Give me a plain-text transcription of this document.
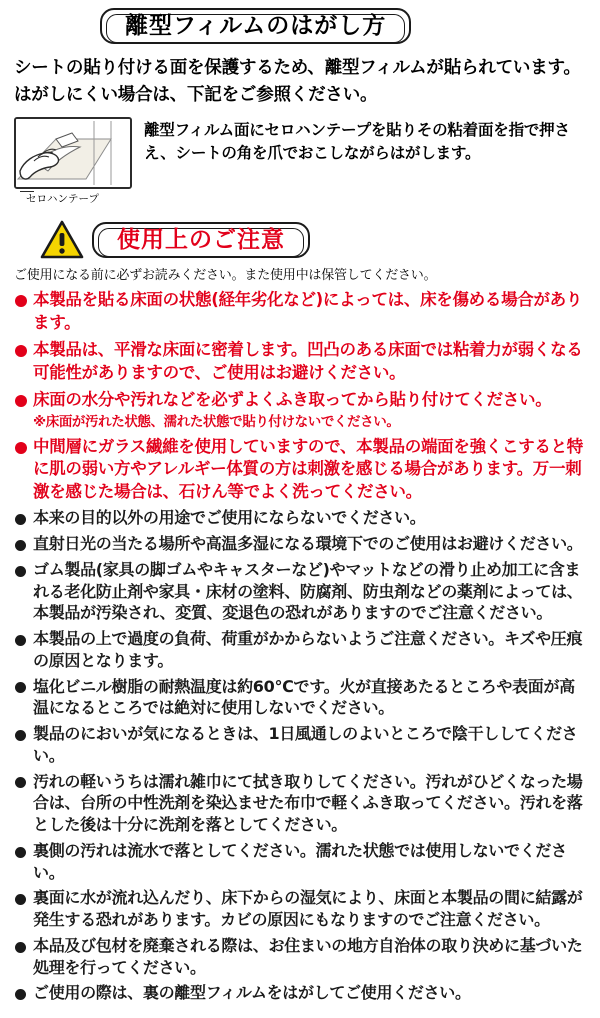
離型フィルムのはがし方
シートの貼り付ける面を保護するため、離型フィルムが貼られています。はがしにくい場合は、下記をご参照ください。
セロハンテープ
離型フィルム面にセロハンテープを貼りその粘着面を指で押さえ、シートの角を爪でおこしながらはがします。
使用上のご注意
ご使用になる前に必ずお読みください。また使用中は保管してください。
本製品を貼る床面の状態(経年劣化など)によっては、床を傷める場合があります。
本製品は、平滑な床面に密着します。凹凸のある床面では粘着力が弱くなる可能性がありますので、ご使用はお避けください。
床面の水分や汚れなどを必ずよくふき取ってから貼り付けてください。
※床面が汚れた状態、濡れた状態で貼り付けないでください。
中間層にガラス繊維を使用していますので、本製品の端面を強くこすると特に肌の弱い方やアレルギー体質の方は刺激を感じる場合があります。万一刺激を感じた場合は、石けん等でよく洗ってください。
本来の目的以外の用途でご使用にならないでください。
直射日光の当たる場所や高温多湿になる環境下でのご使用はお避けください。
ゴム製品(家具の脚ゴムやキャスターなど)やマットなどの滑り止め加工に含まれる老化防止剤や家具・床材の塗料、防腐剤、防虫剤などの薬剤によっては、本製品が汚染され、変質、変退色の恐れがありますのでご注意ください。
本製品の上で過度の負荷、荷重がかからないようご注意ください。キズや圧痕の原因となります。
塩化ビニル樹脂の耐熱温度は約60℃です。火が直接あたるところや表面が高温になるところでは絶対に使用しないでください。
製品のにおいが気になるときは、1日風通しのよいところで陰干ししてください。
汚れの軽いうちは濡れ雑巾にて拭き取りしてください。汚れがひどくなった場合は、台所の中性洗剤を染込ませた布巾で軽くふき取ってください。汚れを落とした後は十分に洗剤を落としてください。
裏側の汚れは流水で落としてください。濡れた状態では使用しないでください。
裏面に水が流れ込んだり、床下からの湿気により、床面と本製品の間に結露が発生する恐れがあります。カビの原因にもなりますのでご注意ください。
本品及び包材を廃棄される際は、お住まいの地方自治体の取り決めに基づいた処理を行ってください。
ご使用の際は、裏の離型フィルムをはがしてご使用ください。
